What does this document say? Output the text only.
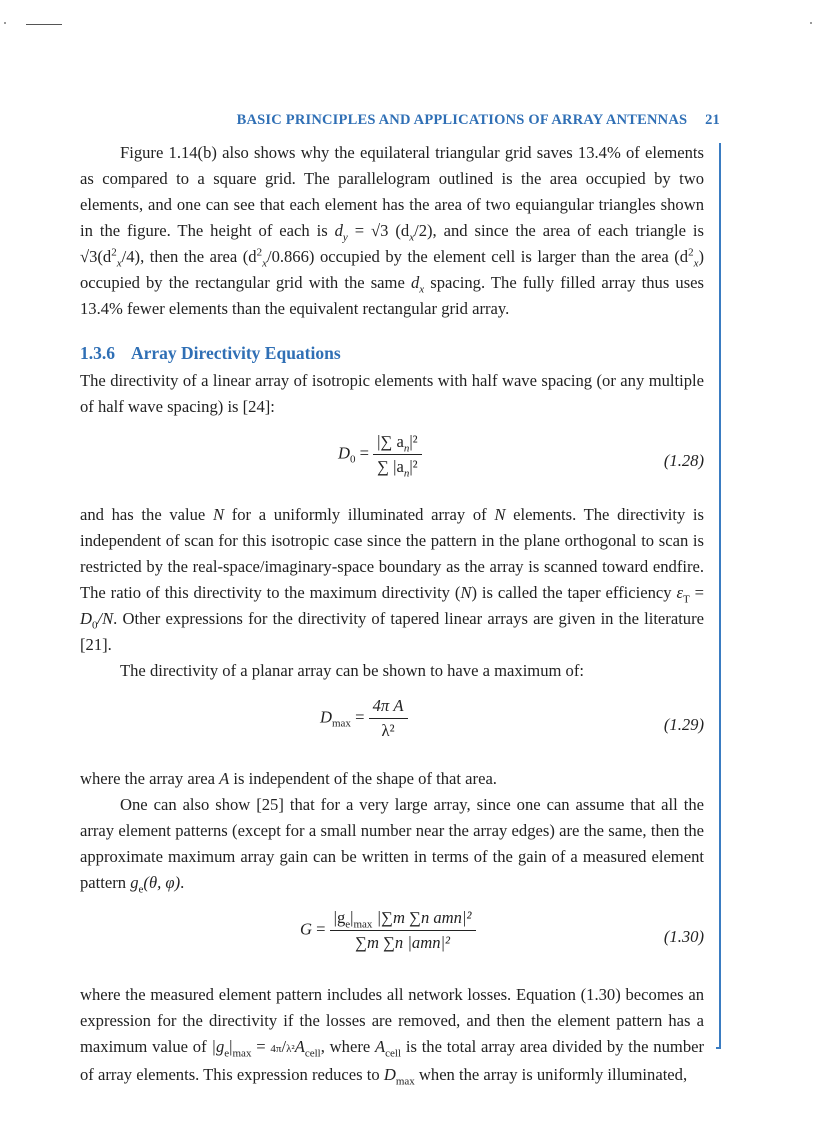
BASIC PRINCIPLES AND APPLICATIONS OF ARRAY ANTENNAS 21

Figure 1.14(b) also shows why the equilateral triangular grid saves 13.4% of elements as compared to a square grid. The parallelogram outlined is the area occupied by two elements, and one can see that each element has the area of two equiangular triangles shown in the figure. The height of each is $d_y = √3$ $(d_x/2)$, and since the area of each triangle is $√3(d^2_x/4)$, then the area $(d^2_x/0.866)$ occupied by the element cell is larger than the area $(d^2_x)$ occupied by the rectangular grid with the same $d_x$ spacing. The fully filled array thus uses 13.4% fewer elements than the equivalent rectangular grid array.

1.3.6 Array Directivity Equations

The directivity of a linear array of isotropic elements with half wave spacing (or any multiple of half wave spacing) is [24]:

$D_0 = \frac{|\sum a_n|^2}{\sum |a_n|^2}$	(1.28)

and has the value N for a uniformly illuminated array of N elements. The directivity is independent of scan for this isotropic case since the pattern in the plane orthogonal to scan is restricted by the real-space/imaginary-space boundary as the array is scanned toward endfire. The ratio of this directivity to the maximum directivity (N) is called the taper efficiency $\varepsilon_T = D_0/N$. Other expressions for the directivity of tapered linear arrays are given in the literature [21].

The directivity of a planar array can be shown to have a maximum of:

$D_{max} = \frac{\text{4π A}}{\text{λ²}}$	(1.29)

where the array area A is independent of the shape of that area.

One can also show [25] that for a very large array, since one can assume that all the array element patterns (except for a small number near the array edges) are the same, then the approximate maximum array gain can be written in terms of the gain of a measured element pattern $g_e(\theta$, φ).

$G = \frac{|g_e|_{max} |\sum m \sum n amn|^2}{\text{∑m ∑n |amn|²}}$	(1.30)

where the measured element pattern includes all network losses. Equation (1.30) becomes an expression for the directivity if the losses are removed, and then the element pattern has a maximum value of $|g_e|_{max} = 4\pi/\lambda^2A_{cell}$, where $A_{cell}$ is the total array area divided by the number of array elements. This expression reduces to $D_{max}$ when the array is uniformly illuminated,
